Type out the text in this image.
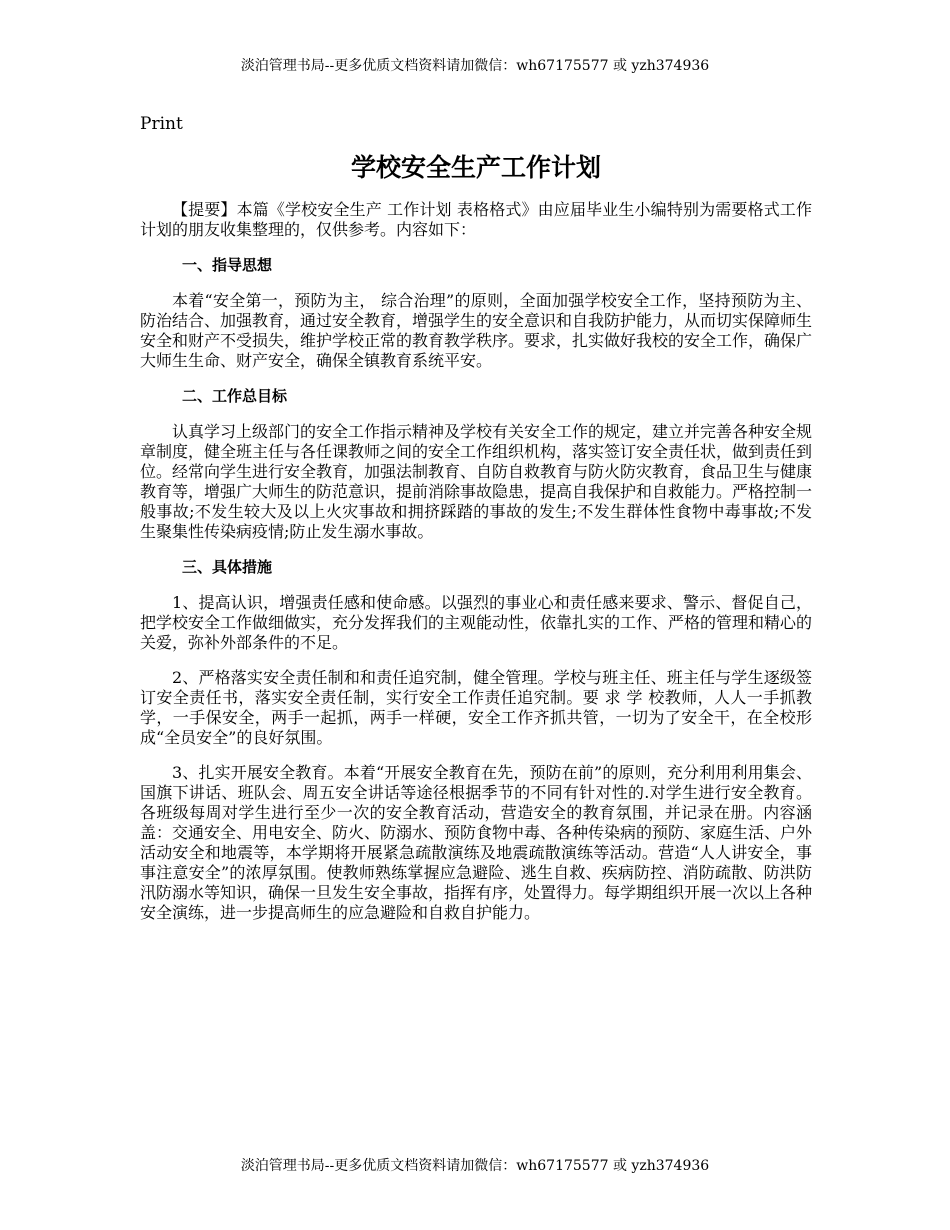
淡泊管理书局--更多优质文档资料请加微信：wh67175577 或 yzh374936
Print
学校安全生产工作计划

【提要】本篇《学校安全生产 工作计划 表格格式》由应届毕业生小编特别为需要格式工作计划的朋友收集整理的，仅供参考。内容如下：

一、指导思想

本着“安全第一，预防为主， 综合治理”的原则，全面加强学校安全工作，坚持预防为主、防治结合、加强教育，通过安全教育，增强学生的安全意识和自我防护能力，从而切实保障师生安全和财产不受损失，维护学校正常的教育教学秩序。要求，扎实做好我校的安全工作，确保广大师生生命、财产安全，确保全镇教育系统平安。

二、工作总目标

认真学习上级部门的安全工作指示精神及学校有关安全工作的规定，建立并完善各种安全规章制度，健全班主任与各任课教师之间的安全工作组织机构，落实签订安全责任状，做到责任到位。经常向学生进行安全教育，加强法制教育、自防自救教育与防火防灾教育，食品卫生与健康教育等，增强广大师生的防范意识，提前消除事故隐患，提高自我保护和自救能力。严格控制一般事故;不发生较大及以上火灾事故和拥挤踩踏的事故的发生;不发生群体性食物中毒事故;不发生聚集性传染病疫情;防止发生溺水事故。

三、具体措施

1、提高认识，增强责任感和使命感。以强烈的事业心和责任感来要求、警示、督促自己，把学校安全工作做细做实，充分发挥我们的主观能动性，依靠扎实的工作、严格的管理和精心的关爱，弥补外部条件的不足。

2、严格落实安全责任制和和责任追究制，健全管理。学校与班主任、班主任与学生逐级签订安全责任书，落实安全责任制，实行安全工作责任追究制。要 求 学 校教师，人人一手抓教学，一手保安全，两手一起抓，两手一样硬，安全工作齐抓共管，一切为了安全干，在全校形成“全员安全”的良好氛围。

3、扎实开展安全教育。本着“开展安全教育在先，预防在前”的原则，充分利用利用集会、国旗下讲话、班队会、周五安全讲话等途径根据季节的不同有针对性的.对学生进行安全教育。各班级每周对学生进行至少一次的安全教育活动，营造安全的教育氛围，并记录在册。内容涵盖：交通安全、用电安全、防火、防溺水、预防食物中毒、各种传染病的预防、家庭生活、户外活动安全和地震等，本学期将开展紧急疏散演练及地震疏散演练等活动。营造“人人讲安全，事事注意安全”的浓厚氛围。使教师熟练掌握应急避险、逃生自救、疾病防控、消防疏散、防洪防汛防溺水等知识，确保一旦发生安全事故，指挥有序，处置得力。每学期组织开展一次以上各种安全演练，进一步提高师生的应急避险和自救自护能力。

淡泊管理书局--更多优质文档资料请加微信：wh67175577 或 yzh374936
